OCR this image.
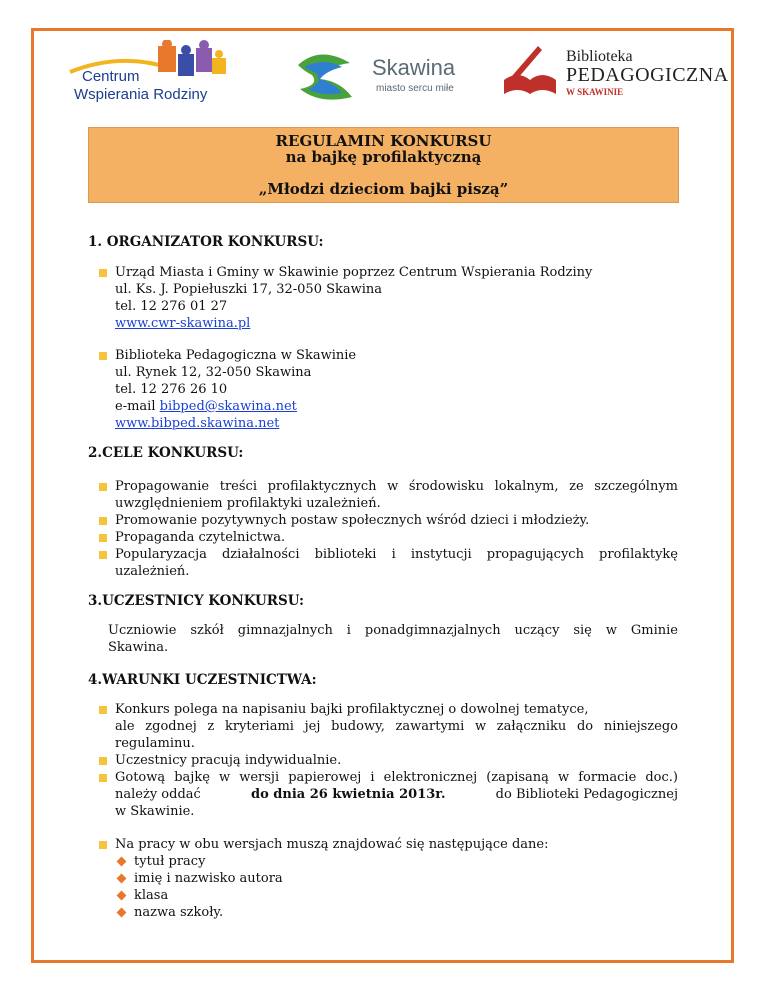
Centrum
Wspierania Rodziny
Skawina
miasto sercu miłe
Biblioteka
PEDAGOGICZNA
W SKAWINIE
REGULAMIN KONKURSU
na bajkę profilaktyczną
„Młodzi dzieciom bajki piszą”
1. ORGANIZATOR KONKURSU:
Urząd Miasta i Gminy w Skawinie poprzez Centrum Wspierania Rodziny
ul. Ks. J. Popiełuszki 17, 32-050 Skawina
tel. 12 276 01 27
www.cwr-skawina.pl
Biblioteka Pedagogiczna w Skawinie
ul. Rynek 12, 32-050 Skawina
tel. 12 276 26 10
e-mail bibped@skawina.net
www.bibped.skawina.net
2.CELE KONKURSU:
Propagowanie treści profilaktycznych w środowisku lokalnym, ze szczególnym
uwzględnieniem profilaktyki uzależnień.
Promowanie pozytywnych postaw społecznych wśród dzieci i młodzieży.
Propaganda czytelnictwa.
Popularyzacja działalności biblioteki i instytucji propagujących profilaktykę
uzależnień.
3.UCZESTNICY KONKURSU:
Uczniowie szkół gimnazjalnych i ponadgimnazjalnych uczący się w Gminie
Skawina.
4.WARUNKI UCZESTNICTWA:
Konkurs polega na napisaniu bajki profilaktycznej o dowolnej tematyce,
ale zgodnej z kryteriami jej budowy, zawartymi w załączniku do niniejszego
regulaminu.
Uczestnicy pracują indywidualnie.
Gotową bajkę w wersji papierowej i elektronicznej (zapisaną w formacie doc.)
należy oddać	do dnia 26 kwietnia 2013r.	do Biblioteki Pedagogicznej
w Skawinie.
Na pracy w obu wersjach muszą znajdować się następujące dane:
tytuł pracy
imię i nazwisko autora
klasa
nazwa szkoły.
